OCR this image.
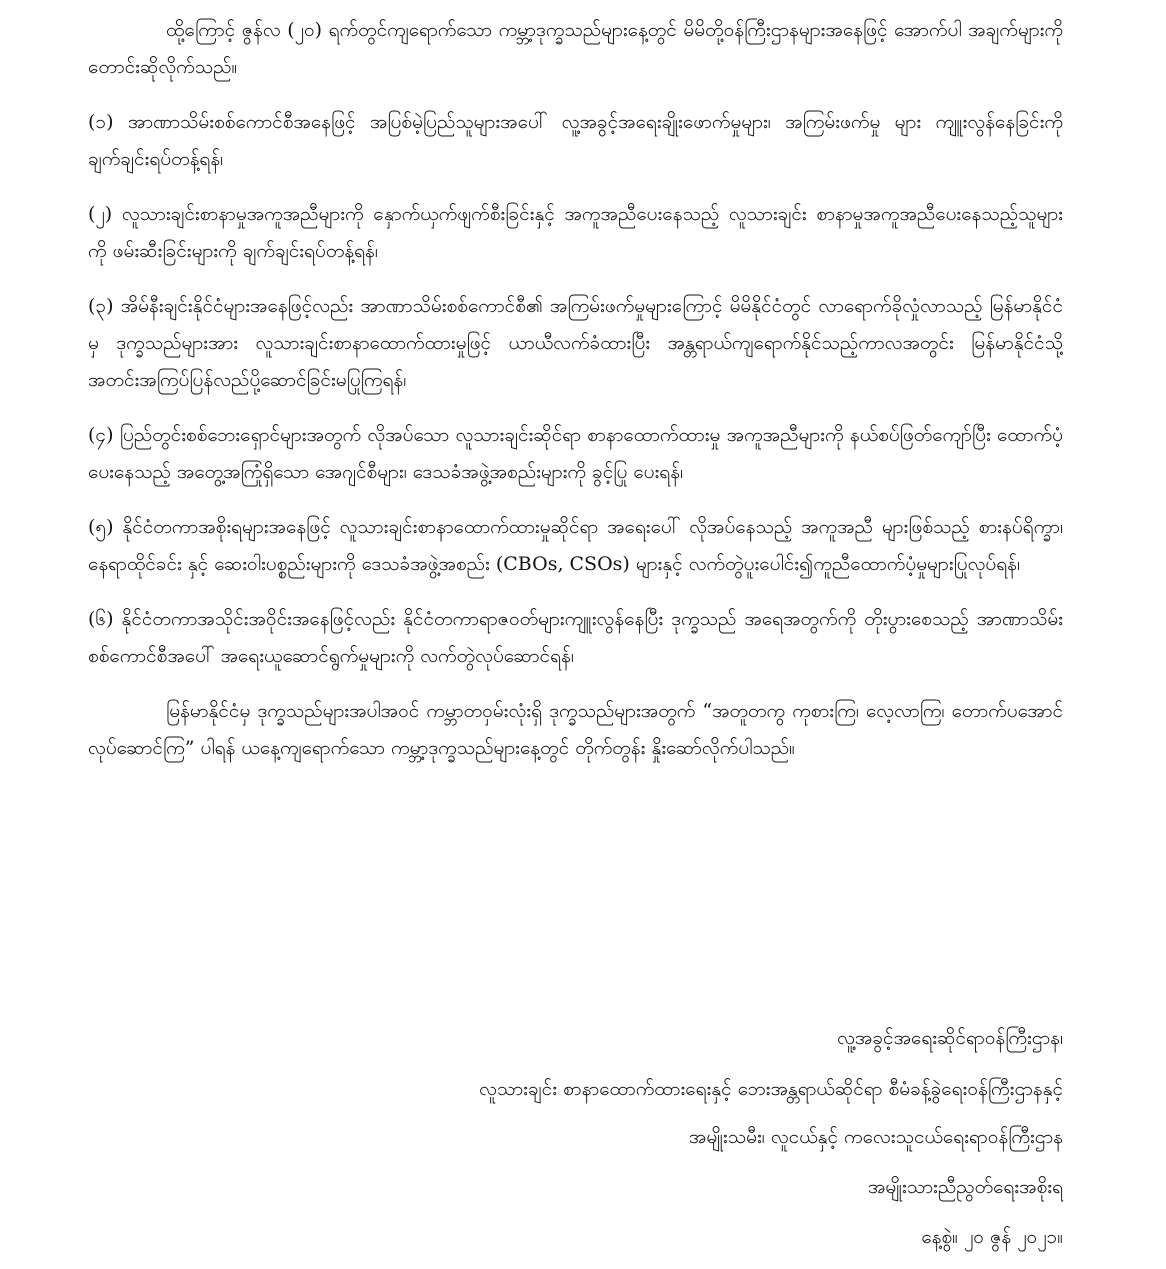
ထို့ကြောင့် ဇွန်လ (၂၀) ရက်တွင်ကျရောက်သော ကမ္ဘာ့ဒုက္ခသည်များနေ့တွင် မိမိတို့ဝန်ကြီးဌာနများအနေဖြင့် အောက်ပါ အချက်များကို တောင်းဆိုလိုက်သည်။

(၁) အာဏာသိမ်းစစ်ကောင်စီအနေဖြင့် အပြစ်မဲ့ပြည်သူများအပေါ် လူ့အခွင့်အရေးချိုးဖောက်မှုများ၊ အကြမ်းဖက်မှု များ ကျူးလွန်နေခြင်းကို ချက်ချင်းရပ်တန့်ရန်၊

(၂) လူသားချင်းစာနာမှုအကူအညီများကို နှောက်ယှက်ဖျက်စီးခြင်းနှင့် အကူအညီပေးနေသည့် လူသားချင်း စာနာမှုအကူအညီပေးနေသည့်သူများကို ဖမ်းဆီးခြင်းများကို ချက်ချင်းရပ်တန့်ရန်၊

(၃) အိမ်နီးချင်းနိုင်ငံများအနေဖြင့်လည်း အာဏာသိမ်းစစ်ကောင်စီ၏ အကြမ်းဖက်မှုများကြောင့် မိမိနိုင်ငံတွင် လာရောက်ခိုလှုံလာသည့် မြန်မာနိုင်ငံမှ ဒုက္ခသည်များအား လူသားချင်းစာနာထောက်ထားမှုဖြင့် ယာယီလက်ခံထားပြီး အန္တရာယ်ကျရောက်နိုင်သည့်ကာလအတွင်း မြန်မာနိုင်ငံသို့ အတင်းအကြပ်ပြန်လည်ပို့ဆောင်ခြင်းမပြုကြရန်၊

(၄) ပြည်တွင်းစစ်ဘေးရှောင်များအတွက် လိုအပ်သော လူသားချင်းဆိုင်ရာ စာနာထောက်ထားမှု အကူအညီများကို နယ်စပ်ဖြတ်ကျော်ပြီး ထောက်ပံ့ပေးနေသည့် အတွေ့အကြုံရှိသော အေဂျင်စီများ၊ ဒေသခံအဖွဲ့အစည်းများကို ခွင့်ပြု ပေးရန်၊

(၅) နိုင်ငံတကာအစိုးရများအနေဖြင့် လူသားချင်းစာနာထောက်ထားမှုဆိုင်ရာ အရေးပေါ် လိုအပ်နေသည့် အကူအညီ များဖြစ်သည့် စားနပ်ရိက္ခာ၊ နေရာထိုင်ခင်း နှင့် ဆေးဝါးပစ္စည်းများကို ဒေသခံအဖွဲ့အစည်း (CBOs, CSOs) များနှင့် လက်တွဲပူးပေါင်း၍ကူညီထောက်ပံ့မှုများပြုလုပ်ရန်၊

(၆) နိုင်ငံတကာအသိုင်းအဝိုင်းအနေဖြင့်လည်း နိုင်ငံတကာရာဇဝတ်များကျူးလွန်နေပြီး ဒုက္ခသည် အရေအတွက်ကို တိုးပွားစေသည့် အာဏာသိမ်းစစ်ကောင်စီအပေါ် အရေးယူဆောင်ရွက်မှုများကို လက်တွဲလုပ်ဆောင်ရန်၊

မြန်မာနိုင်ငံမှ ဒုက္ခသည်များအပါအဝင် ကမ္ဘာတဝှမ်းလုံးရှိ ဒုက္ခသည်များအတွက် “အတူတကွ ကုစားကြ၊ လေ့လာကြ၊ တောက်ပအောင် လုပ်ဆောင်ကြ” ပါရန် ယနေ့ကျရောက်သော ကမ္ဘာ့ဒုက္ခသည်များနေ့တွင် တိုက်တွန်း နှိုးဆော်လိုက်ပါသည်။

လူ့အခွင့်အရေးဆိုင်ရာဝန်ကြီးဌာန၊
လူသားချင်း စာနာထောက်ထားရေးနှင့် ဘေးအန္တရာယ်ဆိုင်ရာ စီမံခန့်ခွဲရေးဝန်ကြီးဌာနနှင့်
အမျိုးသမီး၊ လူငယ်နှင့် ကလေးသူငယ်ရေးရာဝန်ကြီးဌာန
အမျိုးသားညီညွတ်ရေးအစိုးရ
နေ့စွဲ။ ၂၀ ဇွန် ၂၀၂၁။
